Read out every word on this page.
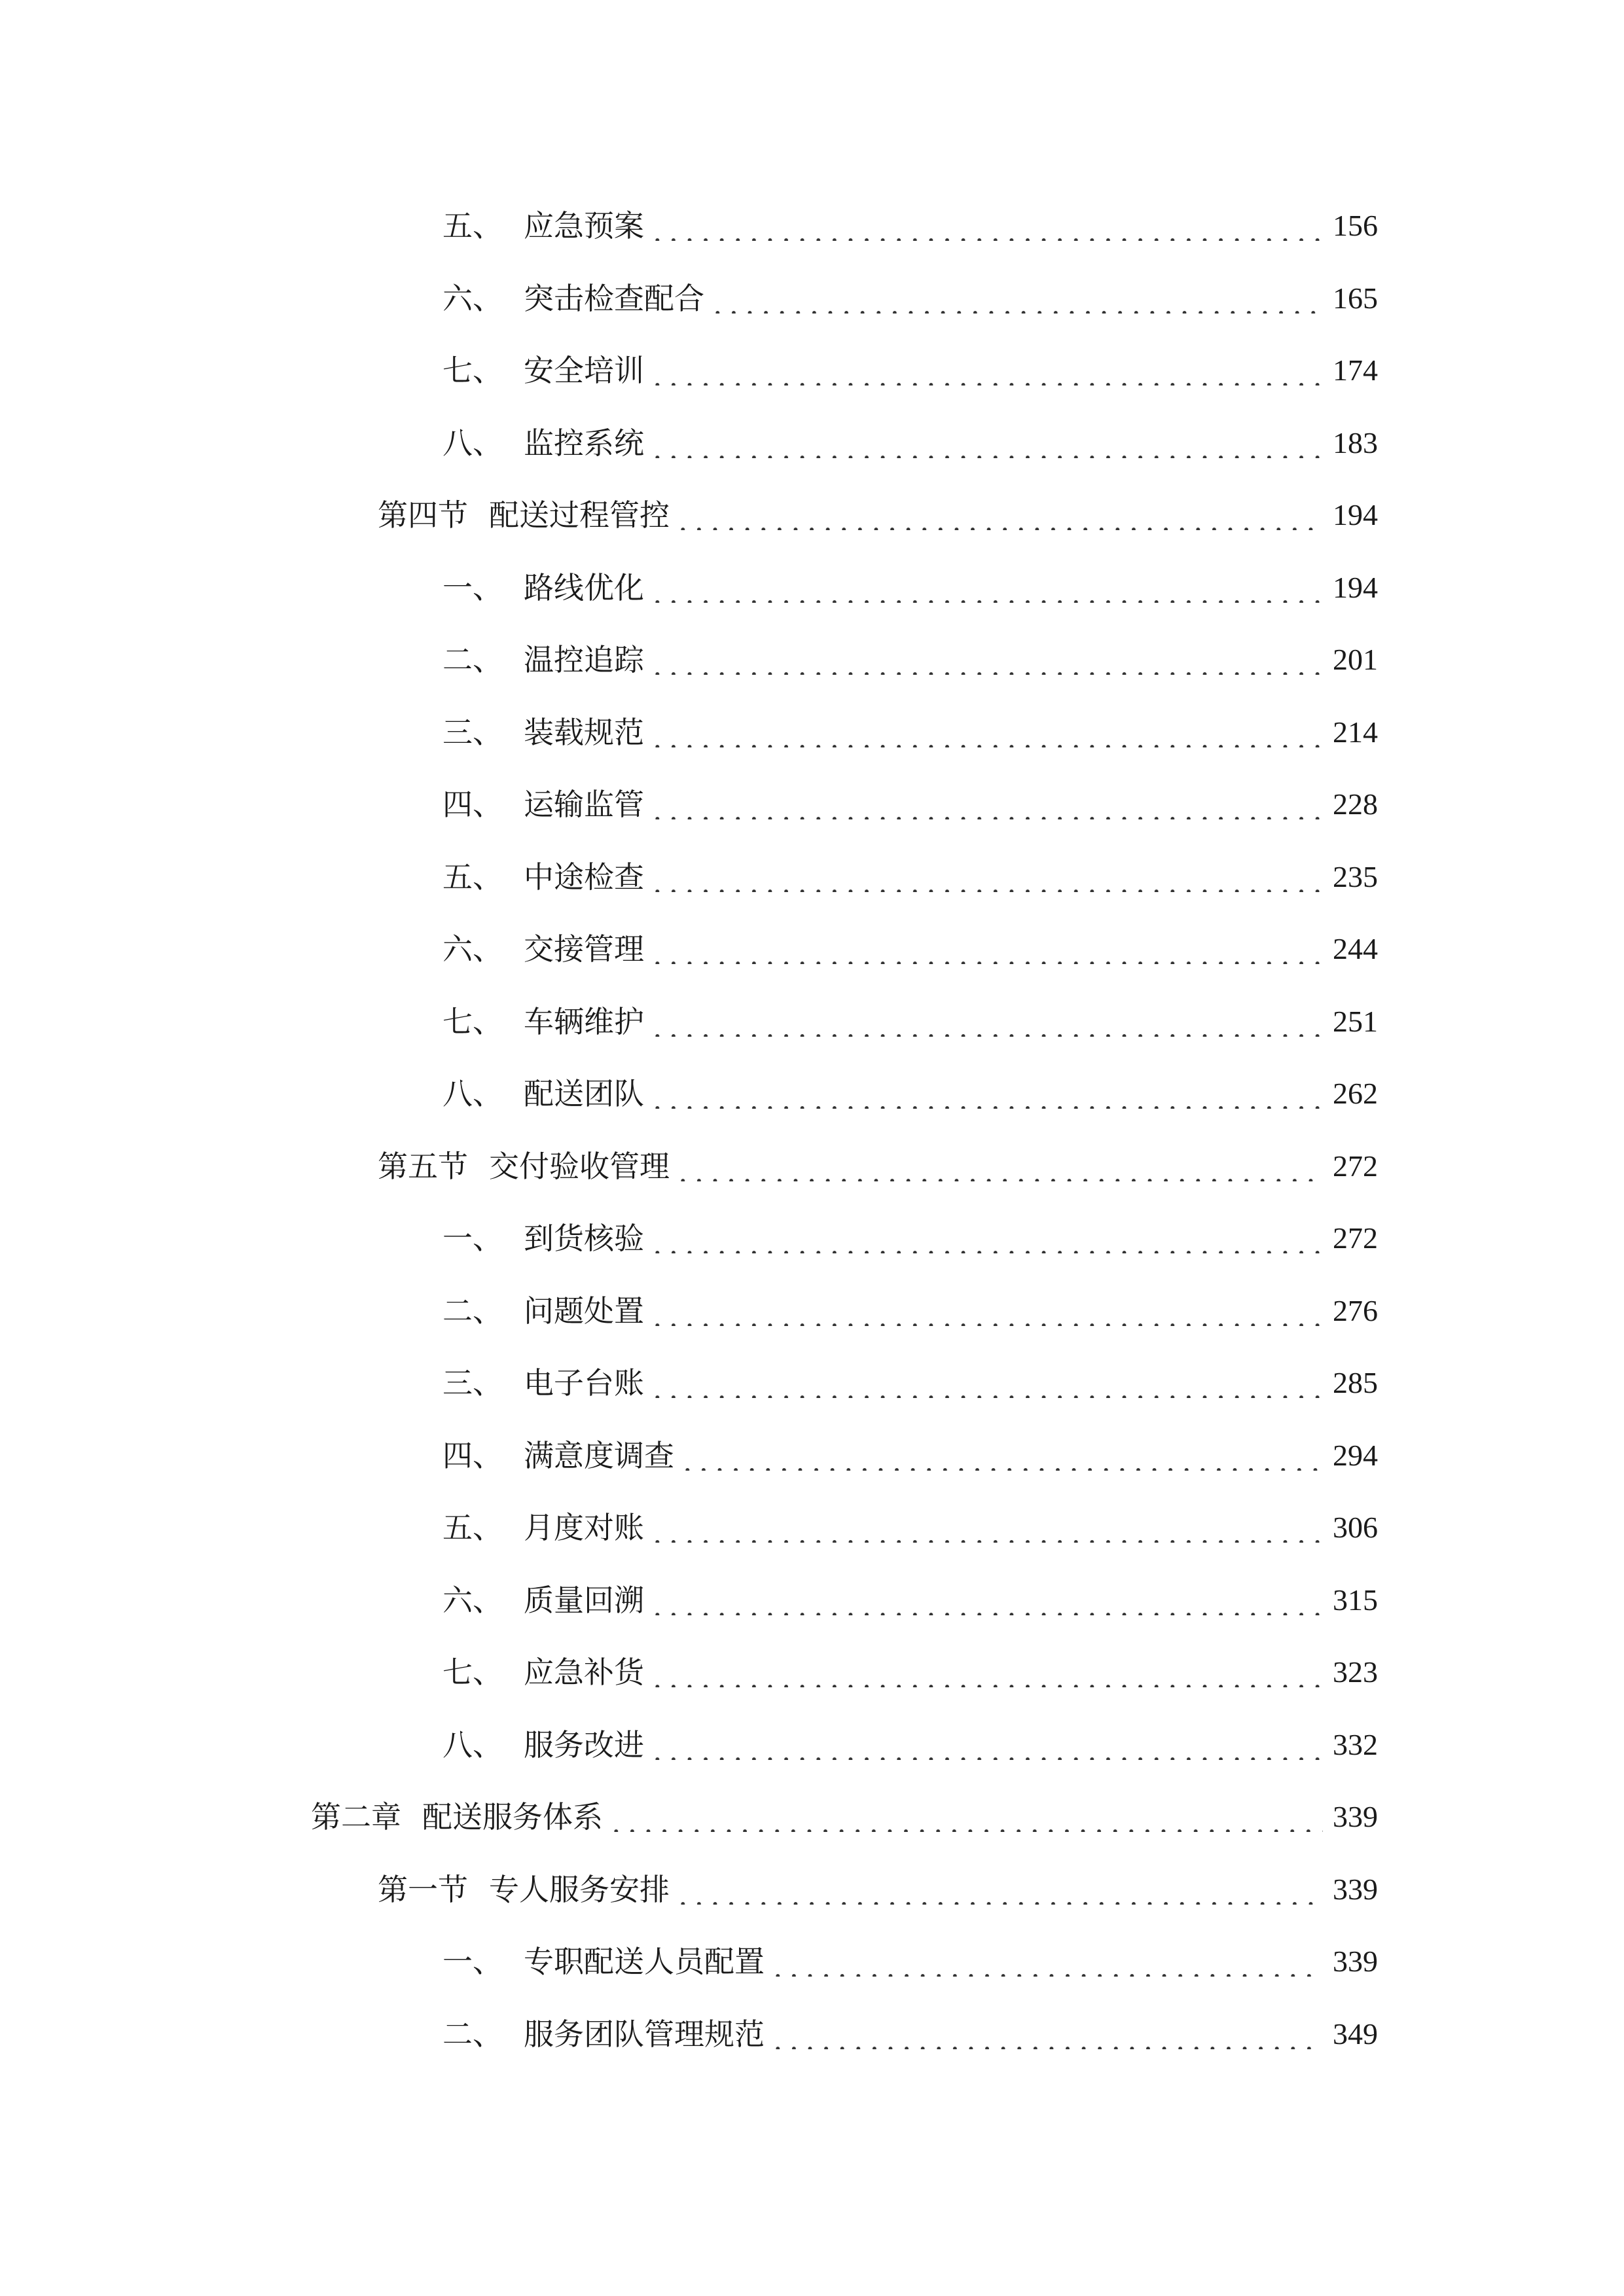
五、 应急预案	156
六、 突击检查配合	165
七、 安全培训	174
八、 监控系统	183
第四节 配送过程管控	194
一、 路线优化	194
二、 温控追踪	201
三、 装载规范	214
四、 运输监管	228
五、 中途检查	235
六、 交接管理	244
七、 车辆维护	251
八、 配送团队	262
第五节 交付验收管理	272
一、 到货核验	272
二、 问题处置	276
三、 电子台账	285
四、 满意度调查	294
五、 月度对账	306
六、 质量回溯	315
七、 应急补货	323
八、 服务改进	332
第二章 配送服务体系	339
第一节 专人服务安排	339
一、 专职配送人员配置	339
二、 服务团队管理规范	349
